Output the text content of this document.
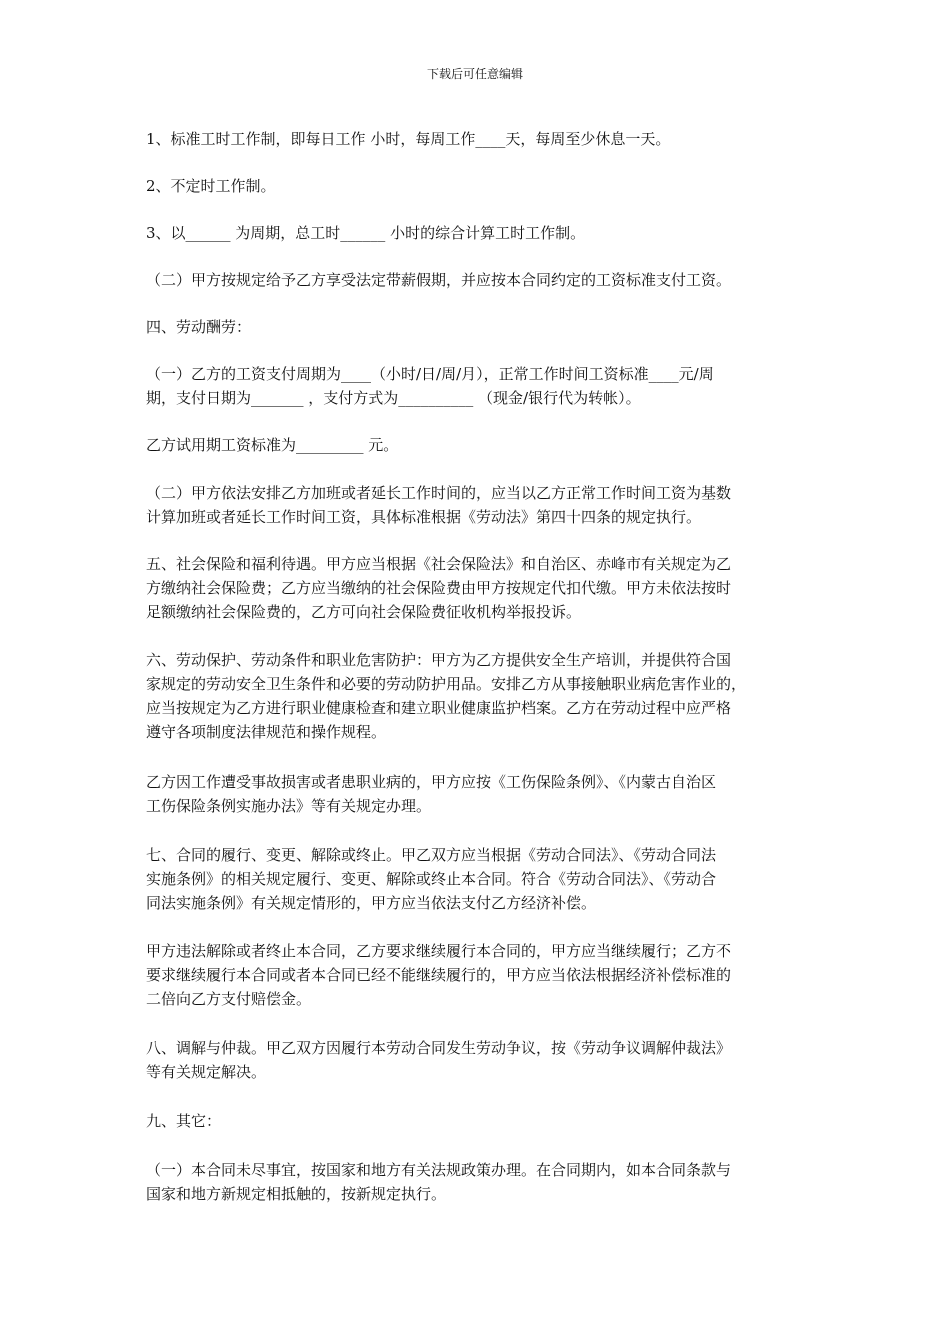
下载后可任意编辑
1、标准工时工作制，即每日工作 小时，每周工作____天，每周至少休息一天。
2、不定时工作制。
3、以______ 为周期，总工时______ 小时的综合计算工时工作制。
（二）甲方按规定给予乙方享受法定带薪假期，并应按本合同约定的工资标准支付工资。
四、劳动酬劳：
（一）乙方的工资支付周期为____（小时/日/周/月），正常工作时间工资标准____元/周
期，支付日期为_______ ，支付方式为__________ （现金/银行代为转帐）。
乙方试用期工资标准为_________ 元。
（二）甲方依法安排乙方加班或者延长工作时间的，应当以乙方正常工作时间工资为基数
计算加班或者延长工作时间工资，具体标准根据《劳动法》第四十四条的规定执行。
五、社会保险和福利待遇。甲方应当根据《社会保险法》和自治区、赤峰市有关规定为乙
方缴纳社会保险费；乙方应当缴纳的社会保险费由甲方按规定代扣代缴。甲方未依法按时
足额缴纳社会保险费的，乙方可向社会保险费征收机构举报投诉。
六、劳动保护、劳动条件和职业危害防护：甲方为乙方提供安全生产培训，并提供符合国
家规定的劳动安全卫生条件和必要的劳动防护用品。安排乙方从事接触职业病危害作业的，
应当按规定为乙方进行职业健康检查和建立职业健康监护档案。乙方在劳动过程中应严格
遵守各项制度法律规范和操作规程。
乙方因工作遭受事故损害或者患职业病的，甲方应按《工伤保险条例》、《内蒙古自治区
工伤保险条例实施办法》等有关规定办理。
七、合同的履行、变更、解除或终止。甲乙双方应当根据《劳动合同法》、《劳动合同法
实施条例》的相关规定履行、变更、解除或终止本合同。符合《劳动合同法》、《劳动合
同法实施条例》有关规定情形的，甲方应当依法支付乙方经济补偿。
甲方违法解除或者终止本合同，乙方要求继续履行本合同的，甲方应当继续履行；乙方不
要求继续履行本合同或者本合同已经不能继续履行的，甲方应当依法根据经济补偿标准的
二倍向乙方支付赔偿金。
八、调解与仲裁。甲乙双方因履行本劳动合同发生劳动争议，按《劳动争议调解仲裁法》
等有关规定解决。
九、其它：
（一）本合同未尽事宜，按国家和地方有关法规政策办理。在合同期内，如本合同条款与
国家和地方新规定相抵触的，按新规定执行。
